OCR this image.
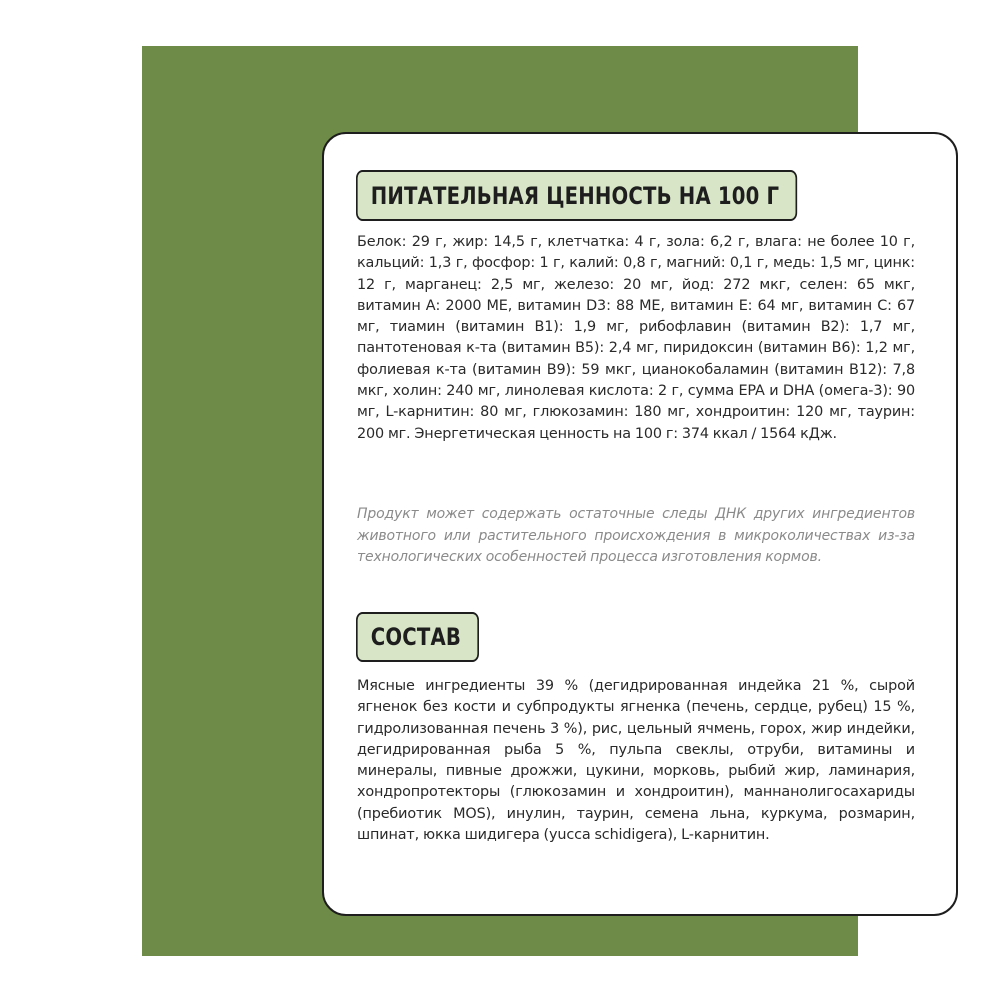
ПИТАТЕЛЬНАЯ ЦЕННОСТЬ НА 100 Г

Белок: 29 г, жир: 14,5 г, клетчатка: 4 г, зола: 6,2 г, влага: не более 10 г, кальций: 1,3 г, фосфор: 1 г, калий: 0,8 г, магний: 0,1 г, медь: 1,5 мг, цинк: 12 г, марганец: 2,5 мг, железо: 20 мг, йод: 272 мкг, селен: 65 мкг, витамин А: 2000 МЕ, витамин D3: 88 МЕ, витамин Е: 64 мг, витамин С: 67 мг, тиамин (витамин В1): 1,9 мг, рибофлавин (витамин В2): 1,7 мг, пантотеновая к-та (витамин В5): 2,4 мг, пиридоксин (витамин В6): 1,2 мг, фолиевая к-та (витамин В9): 59 мкг, цианокобаламин (витамин В12): 7,8 мкг, холин: 240 мг, линолевая кислота: 2 г, сумма EPA и DHA (омега-3): 90 мг, L-карнитин: 80 мг, глюкозамин: 180 мг, хондроитин: 120 мг, таурин: 200 мг. Энергетическая ценность на 100 г: 374 ккал / 1564 кДж.

Продукт может содержать остаточные следы ДНК других ингредиентов животного или растительного происхождения в микроколичествах из-за технологических особенностей процесса изготовления кормов.

СОСТАВ

Мясные ингредиенты 39 % (дегидрированная индейка 21 %, сырой ягненок без кости и субпродукты ягненка (печень, сердце, рубец) 15 %, гидролизованная печень 3 %), рис, цельный ячмень, горох, жир индейки, дегидрированная рыба 5 %, пульпа свеклы, отруби, витамины и минералы, пивные дрожжи, цукини, морковь, рыбий жир, ламинария, хондропротекторы (глюкозамин и хондроитин), маннанолигосахариды (пребиотик MOS), инулин, таурин, семена льна, куркума, розмарин, шпинат, юкка шидигера (yucca schidigera), L-карнитин.
